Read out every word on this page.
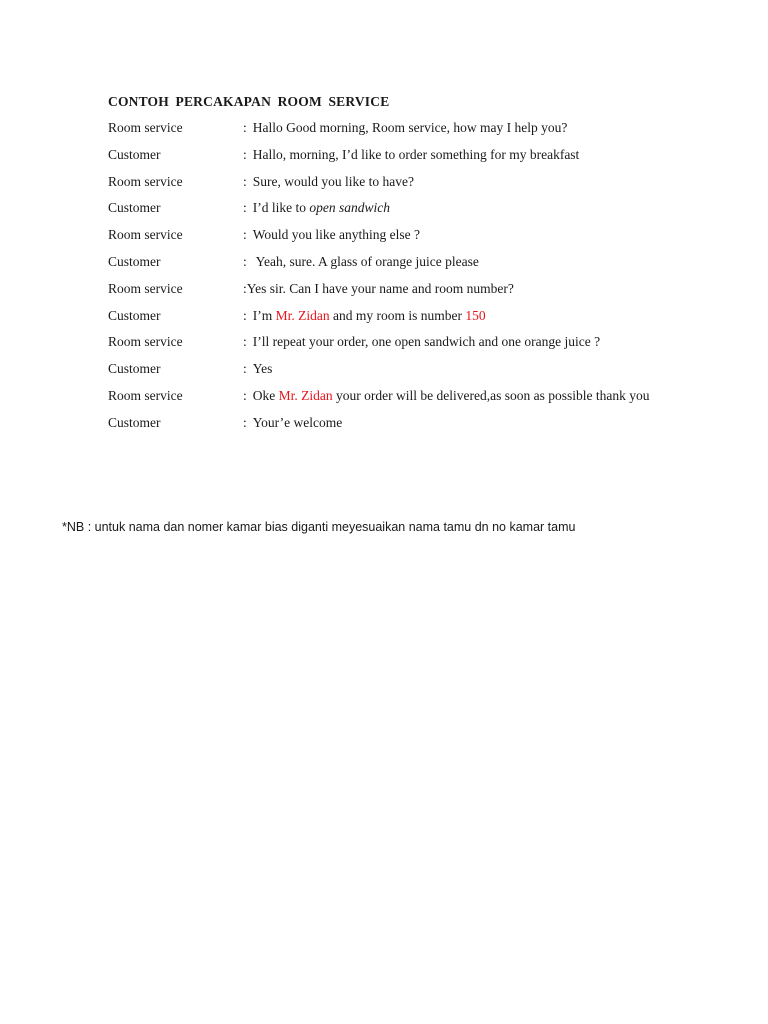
CONTOH PERCAKAPAN ROOM SERVICE
Room service	: Hallo Good morning, Room service, how may I help you?
Customer	: Hallo, morning, I’d like to order something for my breakfast
Room service	: Sure, would you like to have?
Customer	: I’d like to open sandwich
Room service	: Would you like anything else ?
Customer	: Yeah, sure. A glass of orange juice please
Room service	:Yes sir. Can I have your name and room number?
Customer	: I’m Mr. Zidan and my room is number 150
Room service	: I’ll repeat your order, one open sandwich and one orange juice ?
Customer	: Yes
Room service	: Oke Mr. Zidan your order will be delivered,as soon as possible thank you
Customer	: Your’e welcome
*NB : untuk nama dan nomer kamar bias diganti meyesuaikan nama tamu dn no kamar tamu
